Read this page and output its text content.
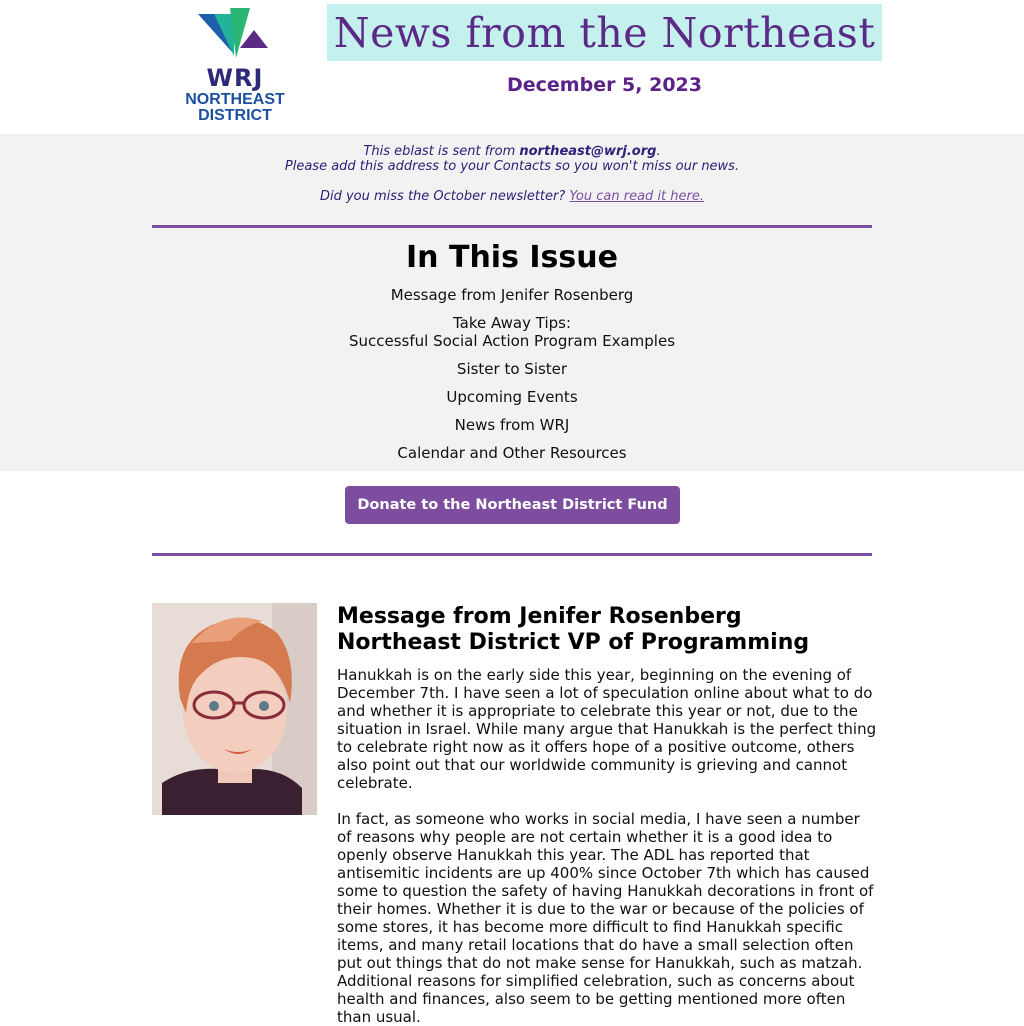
WRJ
NORTHEAST
DISTRICT
News from the Northeast
December 5, 2023
This eblast is sent from northeast@wrj.org.
Please add this address to your Contacts so you won't miss our news.
Did you miss the October newsletter? You can read it here.
In This Issue
Message from Jenifer Rosenberg
Take Away Tips:
Successful Social Action Program Examples
Sister to Sister
Upcoming Events
News from WRJ
Calendar and Other Resources
Donate to the Northeast District Fund
Message from Jenifer Rosenberg
Northeast District VP of Programming
Hanukkah is on the early side this year, beginning on the evening of December 7th. I have seen a lot of speculation online about what to do and whether it is appropriate to celebrate this year or not, due to the situation in Israel. While many argue that Hanukkah is the perfect thing to celebrate right now as it offers hope of a positive outcome, others also point out that our worldwide community is grieving and cannot celebrate.
In fact, as someone who works in social media, I have seen a number of reasons why people are not certain whether it is a good idea to openly observe Hanukkah this year. The ADL has reported that antisemitic incidents are up 400% since October 7th which has caused some to question the safety of having Hanukkah decorations in front of their homes. Whether it is due to the war or because of the policies of some stores, it has become more difficult to find Hanukkah specific items, and many retail locations that do have a small selection often put out things that do not make sense for Hanukkah, such as matzah. Additional reasons for simplified celebration, such as concerns about health and finances, also seem to be getting mentioned more often than usual.
